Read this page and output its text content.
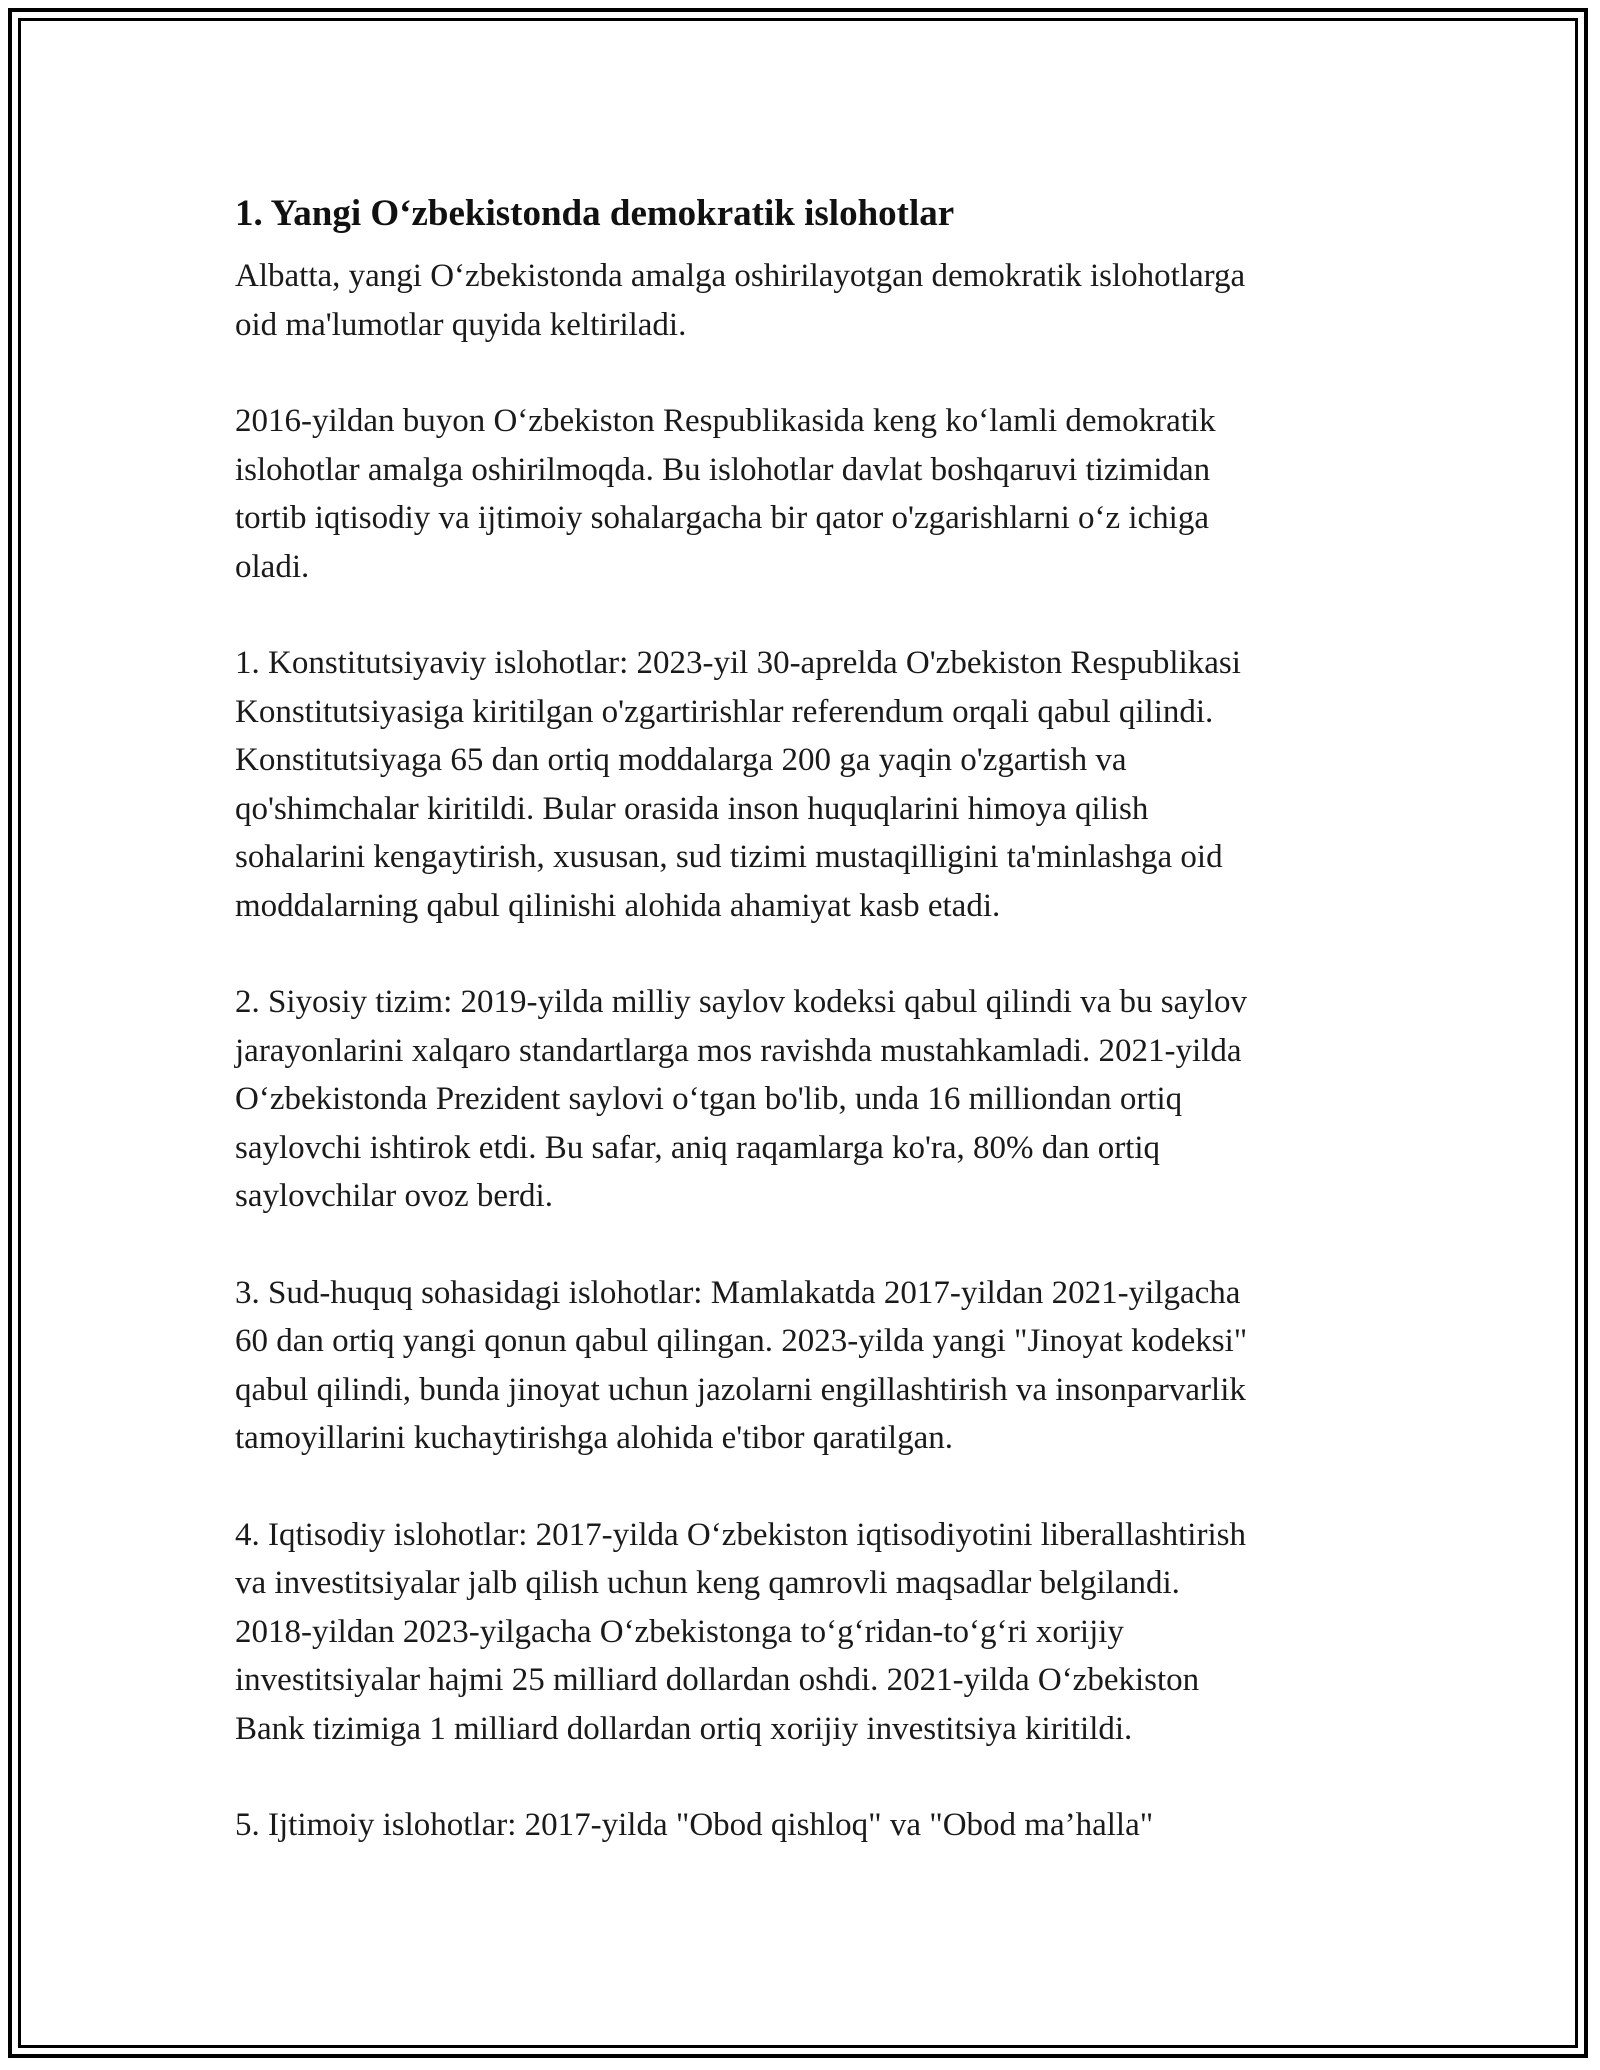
1. Yangi O‘zbekistonda demokratik islohotlar

Albatta, yangi O‘zbekistonda amalga oshirilayotgan demokratik islohotlarga
oid ma'lumotlar quyida keltiriladi.

2016-yildan buyon O‘zbekiston Respublikasida keng ko‘lamli demokratik
islohotlar amalga oshirilmoqda. Bu islohotlar davlat boshqaruvi tizimidan
tortib iqtisodiy va ijtimoiy sohalargacha bir qator o'zgarishlarni o‘z ichiga
oladi.

1. Konstitutsiyaviy islohotlar: 2023-yil 30-aprelda O'zbekiston Respublikasi
Konstitutsiyasiga kiritilgan o'zgartirishlar referendum orqali qabul qilindi.
Konstitutsiyaga 65 dan ortiq moddalarga 200 ga yaqin o'zgartish va
qo'shimchalar kiritildi. Bular orasida inson huquqlarini himoya qilish
sohalarini kengaytirish, xususan, sud tizimi mustaqilligini ta'minlashga oid
moddalarning qabul qilinishi alohida ahamiyat kasb etadi.

2. Siyosiy tizim: 2019-yilda milliy saylov kodeksi qabul qilindi va bu saylov
jarayonlarini xalqaro standartlarga mos ravishda mustahkamladi. 2021-yilda
O‘zbekistonda Prezident saylovi o‘tgan bo'lib, unda 16 milliondan ortiq
saylovchi ishtirok etdi. Bu safar, aniq raqamlarga ko'ra, 80% dan ortiq
saylovchilar ovoz berdi.

3. Sud-huquq sohasidagi islohotlar: Mamlakatda 2017-yildan 2021-yilgacha
60 dan ortiq yangi qonun qabul qilingan. 2023-yilda yangi "Jinoyat kodeksi"
qabul qilindi, bunda jinoyat uchun jazolarni engillashtirish va insonparvarlik
tamoyillarini kuchaytirishga alohida e'tibor qaratilgan.

4. Iqtisodiy islohotlar: 2017-yilda O‘zbekiston iqtisodiyotini liberallashtirish
va investitsiyalar jalb qilish uchun keng qamrovli maqsadlar belgilandi.
2018-yildan 2023-yilgacha O‘zbekistonga to‘g‘ridan-to‘g‘ri xorijiy
investitsiyalar hajmi 25 milliard dollardan oshdi. 2021-yilda O‘zbekiston
Bank tizimiga 1 milliard dollardan ortiq xorijiy investitsiya kiritildi.

5. Ijtimoiy islohotlar: 2017-yilda "Obod qishloq" va "Obod ma’halla"
